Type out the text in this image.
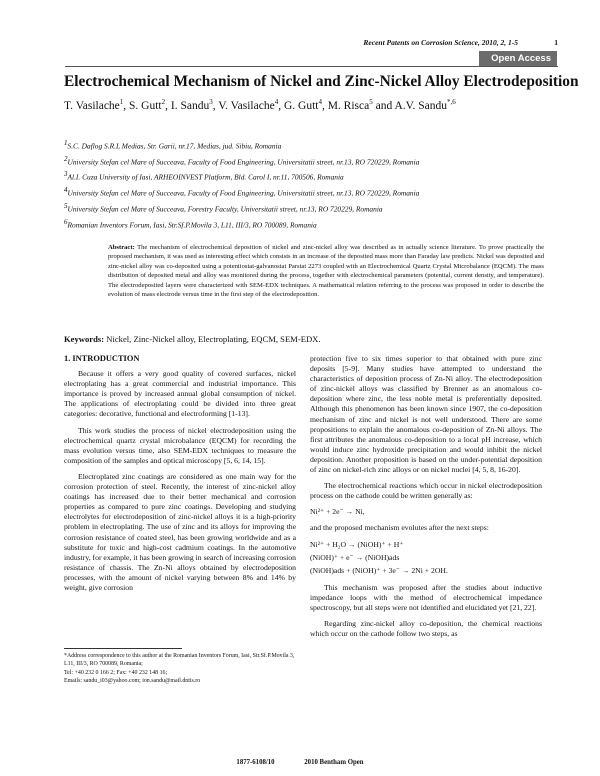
Recent Patents on Corrosion Science, 2010, 2, 1-5	1
Open Access
Electrochemical Mechanism of Nickel and Zinc-Nickel Alloy Electrodeposition
T. Vasilache$^1$, S. Gutt$^2$, I. Sandu$^3$, V. Vasilache$^4$, G. Gutt$^4$, M. Risca$^5$ and A.V. Sandu$^{*,6}$
$^1$S.C. Daflog S.R.L Medias, Str. Garii, nr.17, Medias, jud. Sibiu, Romania
$^2$University Stefan cel Mare of Succeava, Faculty of Food Engineering, Universitatii street, nr.13, RO 720229, Romania
$^3$Al.I. Cuza University of Iasi, ARHEOINVEST Platform, Bld. Carol I, nr.11, 700506, Romania
$^4$University Stefan cel Mare of Succeava, Faculty of Food Engineering, Universitatii street, nr.13, RO 720229, Romania
$^5$University Stefan cel Mare of Succeava, Forestry Faculty, Universitatii street, nr.13, RO 720229, Romania
$^6$Romanian Inventors Forum, Iasi, Str.Sf.P.Movila 3, L11, III/3, RO 700089, Romania
Abstract: The mechanism of electrochemical deposition of nickel and zinc-nickel alloy was described as in actually science literature. To prove practically the proposed mechanism, it was used as interesting effect which consists in an increase of the deposited mass more than Faraday law predicts. Nickel was deposited and zinc-nickel alloy was co-deposited using a potentiostat-galvanostat Parstat 2273 coupled with an Electrochemical Quartz Crystal Microbalance (EQCM). The mass distribution of deposited metal and alloy was monitored during the process, together with electrochemical parameters (potential, current density, and temperature). The electrodeposited layers were characterized with SEM-EDX techniques. A mathematical relation referring to the process was proposed in order to describe the evolution of mass electrode versus time in the first step of the electrodeposition.
Keywords: Nickel, Zinc-Nickel alloy, Electroplating, EQCM, SEM-EDX.
1. INTRODUCTION

Because it offers a very good quality of covered surfaces, nickel electroplating has a great commercial and industrial importance. This importance is proved by increased annual global consumption of nickel. The applications of electroplating could be divided into three great categories: decorative, functional and electroforming [1-13].

This work studies the process of nickel electrodeposition using the electrochemical quartz crystal microbalance (EQCM) for recording the mass evolution versus time, also SEM-EDX techniques to measure the composition of the samples and optical microscopy [5, 6, 14, 15].

Electroplated zinc coatings are considered as one main way for the corrosion protection of steel. Recently, the interest of zinc-nickel alloy coatings has increased due to their better mechanical and corrosion properties as compared to pure zinc coatings. Developing and studying electrolytes for electrodeposition of zinc-nickel alloys it is a high-priority problem in electroplating. The use of zinc and its alloys for improving the corrosion resistance of coated steel, has been growing worldwide and as a substitute for toxic and high-cost cadmium coatings. In the automotive industry, for example, it has been growing in search of increasing corrosion resistance of chassis. The Zn-Ni alloys obtained by electrodeposition processes, with the amount of nickel varying between 8% and 14% by weight, give corrosion

protection five to six times superior to that obtained with pure zinc deposits [5-9]. Many studies have attempted to understand the characteristics of deposition process of Zn-Ni alloy. The electrodeposition of zinc-nickel alloys was classified by Brenner as an anomalous co-deposition where zinc, the less noble metal is preferentially deposited. Although this phenomenon has been known since 1907, the co-deposition mechanism of zinc and nickel is not well understood. There are some propositions to explain the anomalous co-deposition of Zn-Ni alloys. The first attributes the anomalous co-deposition to a local pH increase, which would induce zinc hydroxide precipitation and would inhibit the nickel deposition. Another proposition is based on the under-potential deposition of zinc on nickel-rich zinc alloys or on nickel nuclei [4, 5, 8, 16-20].

The electrochemical reactions which occur in nickel electrodeposition process on the cathode could be written generally as:

Ni²⁺ + 2e⁻ → Ni,
and the proposed mechanism evolutes after the next steps:
Ni²⁺ + H₂O → (NiOH)⁺ + H⁺
(NiOH)⁺ + e⁻ → (NiOH)ads
(NiOH)ads + (NiOH)⁺ + 3e⁻ → 2Ni + 2OH.

This mechanism was proposed after the studies about inductive impedance loops with the method of electrochemical impedance spectroscopy, but all steps were not identified and elucidated yet [21, 22].

Regarding zinc-nickel alloy co-deposition, the chemical reactions which occur on the cathode follow two steps, as

*Address correspondence to this author at the Romanian Inventors Forum, Iasi, Str.Sf.P.Movila 3, L11, III/3, RO 700089, Romania;
Tel: +40 232 0 166 2; Fax: +40 232 148 16;
Emails: sandu_i03@yahoo.com; ion.sandu@mail.dntis.ro
1877-6108/10	2010 Bentham Open
